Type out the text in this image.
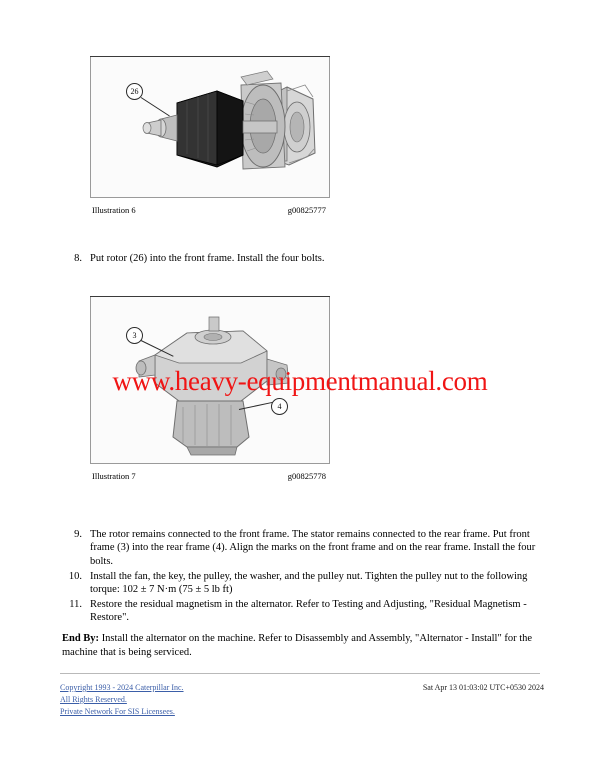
26
Illustration 6	g00825777
8. Put rotor (26) into the front frame. Install the four bolts.
3
4
Illustration 7	g00825778
9. The rotor remains connected to the front frame. The stator remains connected to the rear frame. Put front frame (3) into the rear frame (4). Align the marks on the front frame and on the rear frame. Install the four bolts.
10. Install the fan, the key, the pulley, the washer, and the pulley nut. Tighten the pulley nut to the following torque: 102 ± 7 N·m (75 ± 5 lb ft)
11. Restore the residual magnetism in the alternator. Refer to Testing and Adjusting, "Residual Magnetism - Restore".
End By: Install the alternator on the machine. Refer to Disassembly and Assembly, "Alternator - Install" for the machine that is being serviced.
Copyright 1993 - 2024 Caterpillar Inc.	Sat Apr 13 01:03:02 UTC+0530 2024
All Rights Reserved.
Private Network For SIS Licensees.
www.heavy-equipmentmanual.com
